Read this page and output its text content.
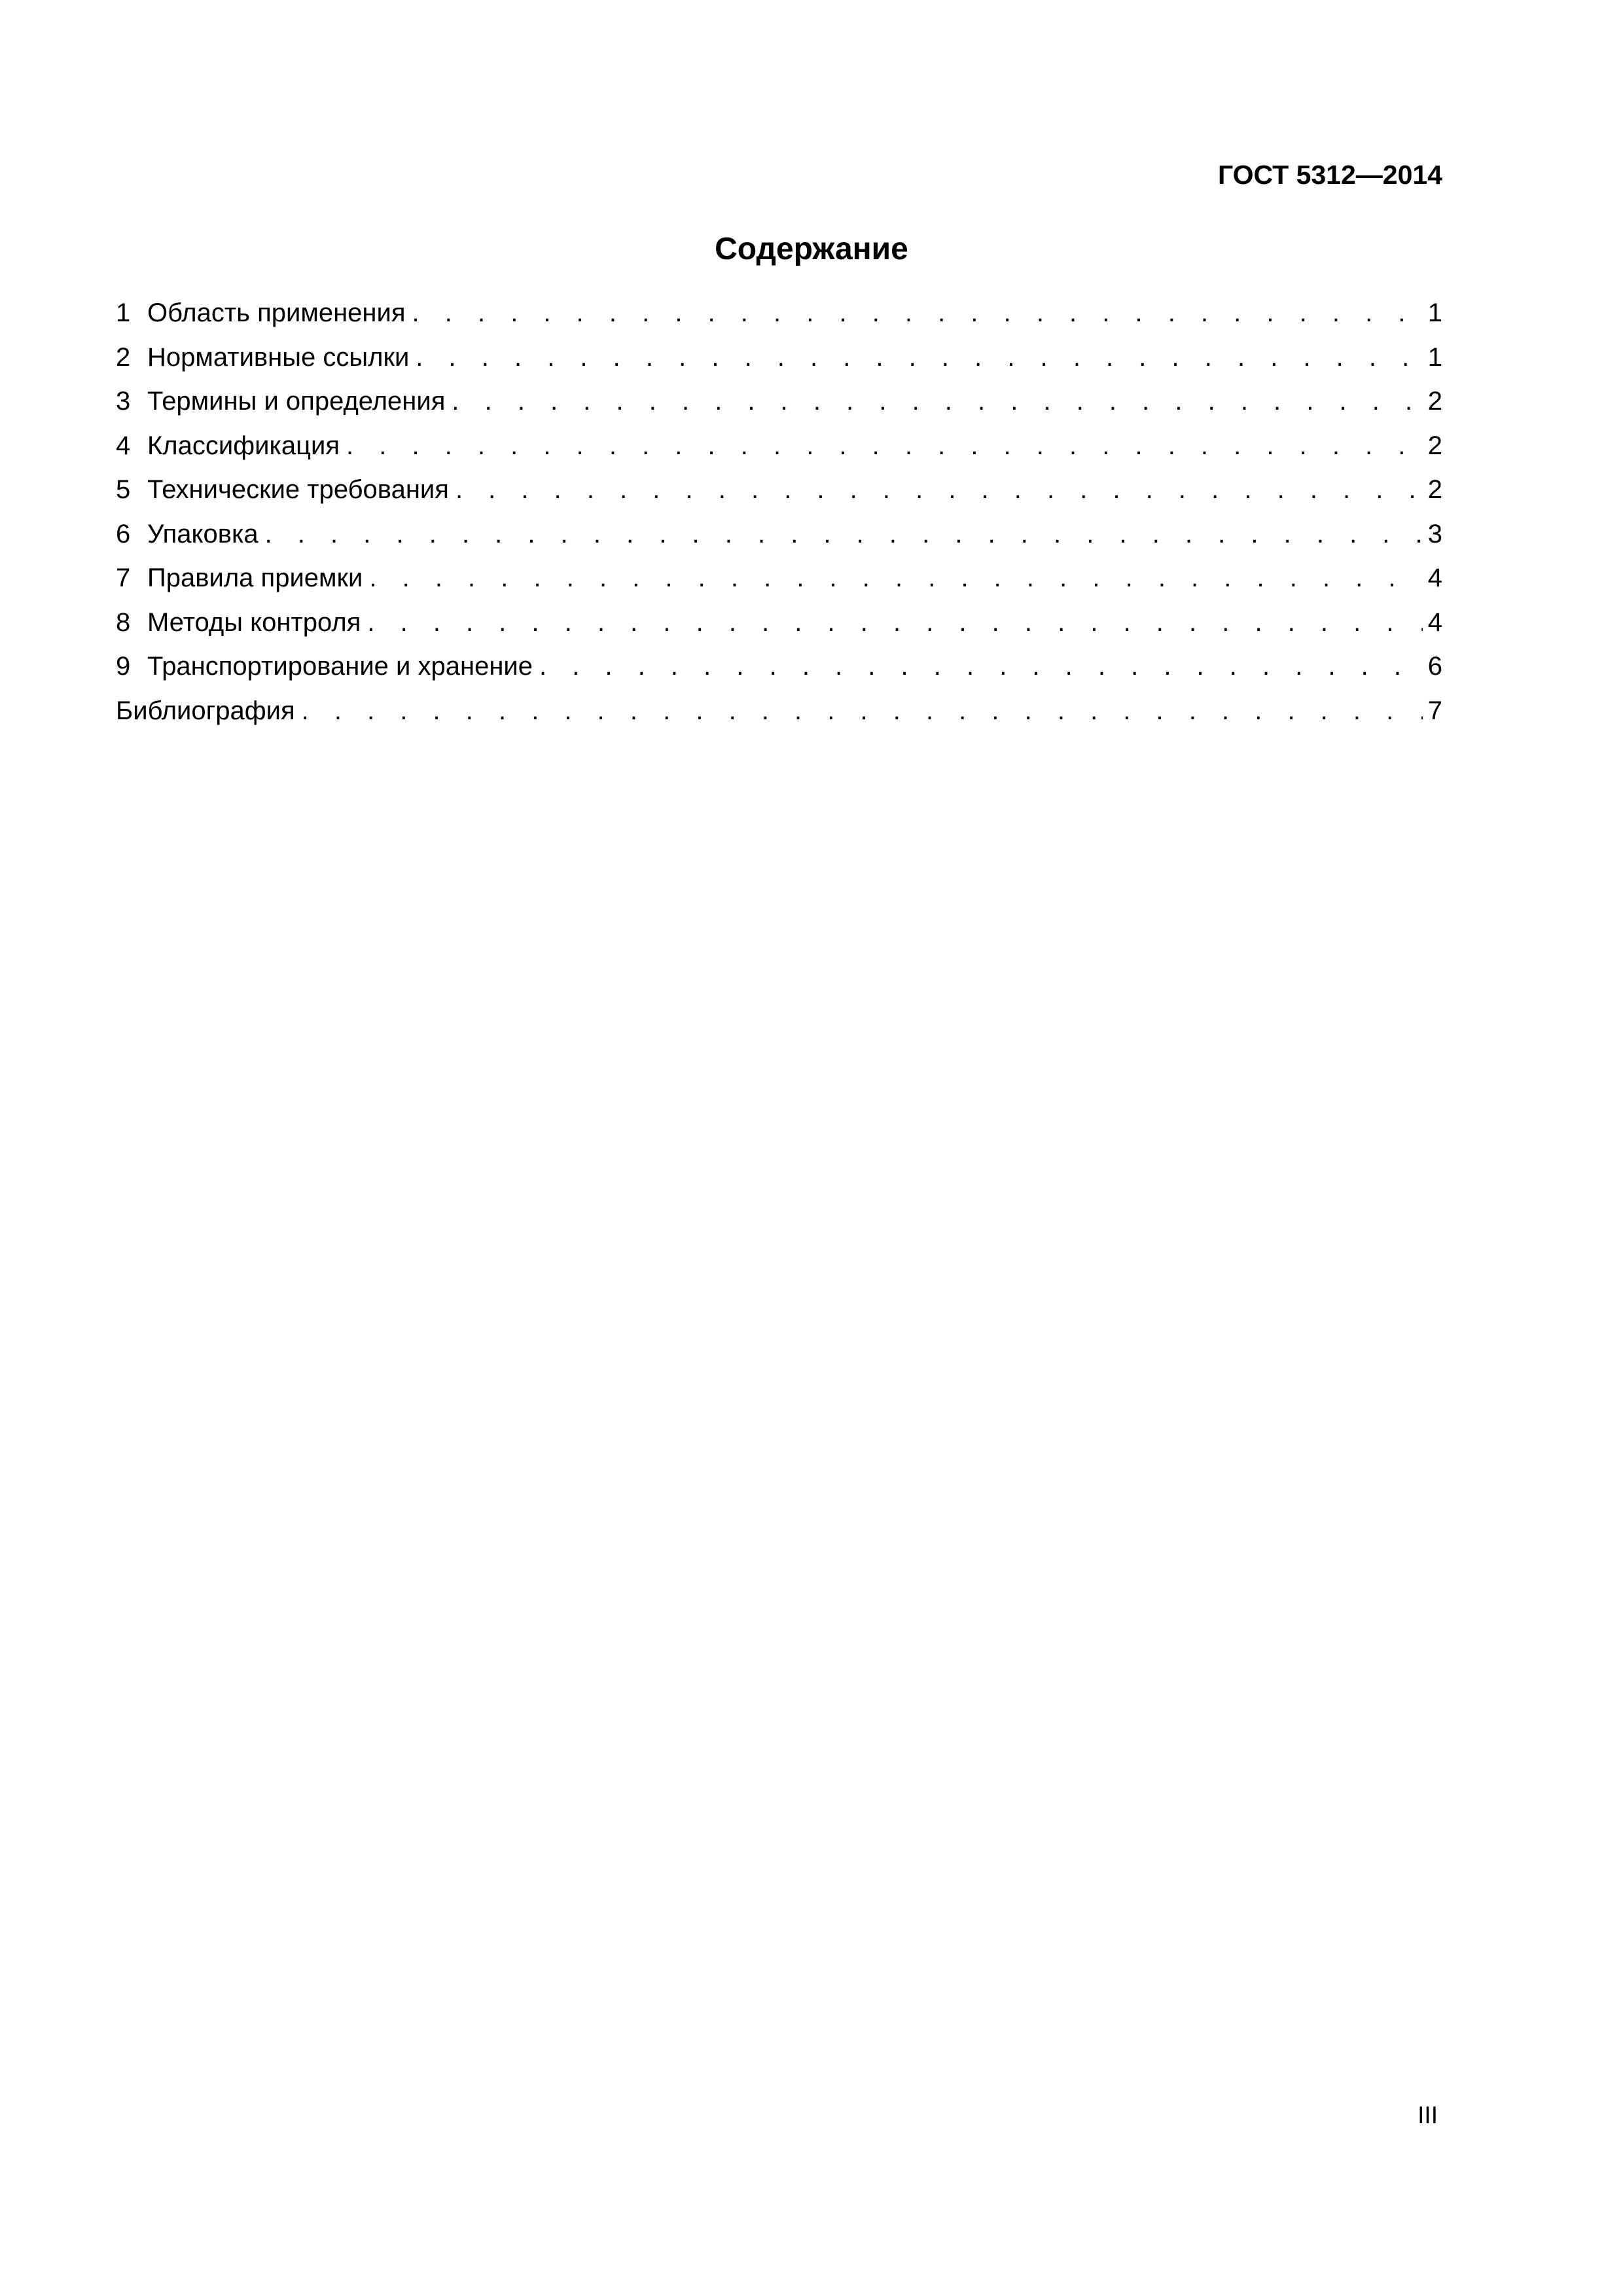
ГОСТ 5312—2014
Содержание
1 Область применения . . .	1
2 Нормативные ссылки . . .	1
3 Термины и определения . . .	2
4 Классификация . . .	2
5 Технические требования . . .	2
6 Упаковка . . .	3
7 Правила приемки . . .	4
8 Методы контроля . . .	4
9 Транспортирование и хранение . . .	6
Библиография . . .	7
III
